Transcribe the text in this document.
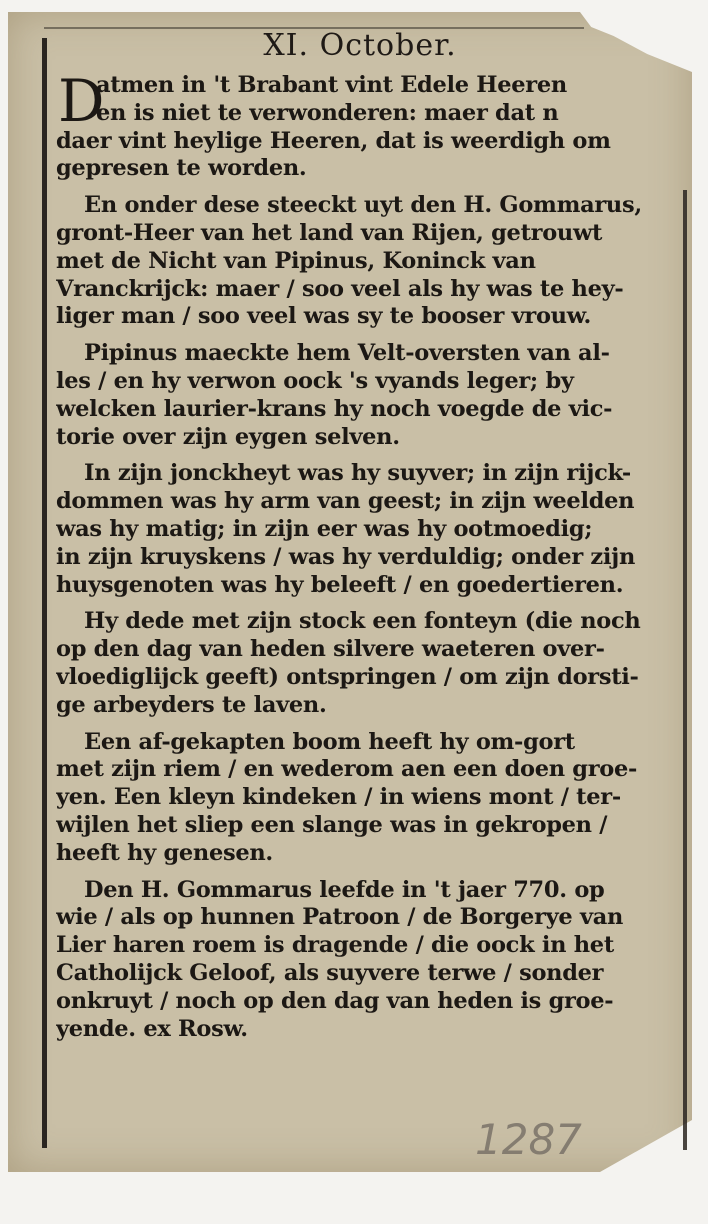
XI. October.
D
atmen in 't Brabant vint Edele Heeren
en is niet te verwonderen: maer dat n
daer vint heylige Heeren, dat is weerdigh om
gepresen te worden.
En onder dese steeckt uyt den H. Gommarus,
gront-Heer van het land van Rijen, getrouwt
met de Nicht van Pipinus, Koninck van
Vranckrijck: maer / soo veel als hy was te hey-
liger man / soo veel was sy te booser vrouw.
Pipinus maeckte hem Velt-oversten van al-
les / en hy verwon oock 's vyands leger; by
welcken laurier-krans hy noch voegde de vic-
torie over zijn eygen selven.
In zijn jonckheyt was hy suyver; in zijn rijck-
dommen was hy arm van geest; in zijn weelden
was hy matig; in zijn eer was hy ootmoedig;
in zijn kruyskens / was hy verduldig; onder zijn
huysgenoten was hy beleeft / en goedertieren.
Hy dede met zijn stock een fonteyn (die noch
op den dag van heden silvere waeteren over-
vloediglijck geeft) ontspringen / om zijn dorsti-
ge arbeyders te laven.
Een af-gekapten boom heeft hy om-gort
met zijn riem / en wederom aen een doen groe-
yen. Een kleyn kindeken / in wiens mont / ter-
wijlen het sliep een slange was in gekropen /
heeft hy genesen.
Den H. Gommarus leefde in 't jaer 770. op
wie / als op hunnen Patroon / de Borgerye van
Lier haren roem is dragende / die oock in het
Catholijck Geloof, als suyvere terwe / sonder
onkruyt / noch op den dag van heden is groe-
yende. ex Rosw.
1287
